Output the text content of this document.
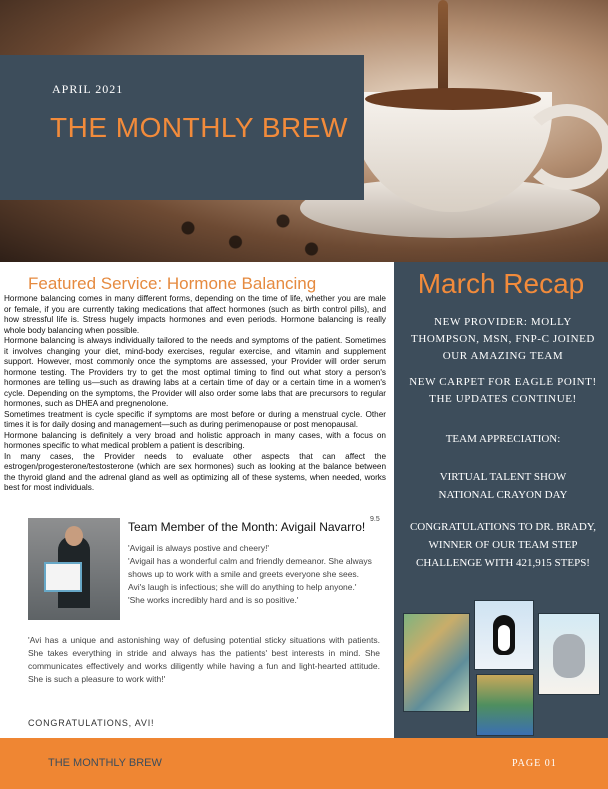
APRIL 2021
THE MONTHLY BREW
Featured Service: Hormone Balancing

Hormone balancing comes in many different forms, depending on the time of life, whether you are male or female, if you are currently taking medications that affect hormones (such as birth control pills), and how stressful life is. Stress hugely impacts hormones and even periods. Hormone balancing is really whole body balancing when possible.

Hormone balancing is always individually tailored to the needs and symptoms of the patient. Sometimes it involves changing your diet, mind-body exercises, regular exercise, and vitamin and supplement support. However, most commonly once the symptoms are assessed, your Provider will order serum hormone testing. The Providers try to get the most optimal timing to find out what story a person's hormones are telling us—such as drawing labs at a certain time of day or a certain time in a women's cycle. Depending on the symptoms, the Provider will also order some labs that are precursors to regular hormones, such as DHEA and pregnenolone.

Sometimes treatment is cycle specific if symptoms are most before or during a menstrual cycle. Other times it is for daily dosing and management—such as during perimenopause or post menopausal.

Hormone balancing is definitely a very broad and holistic approach in many cases, with a focus on hormones specific to what medical problem a patient is describing.

In many cases, the Provider needs to evaluate other aspects that can affect the estrogen/progesterone/testosterone (which are sex hormones) such as looking at the balance between the thyroid gland and the adrenal gland as well as optimizing all of these systems, when needed, works best for most individuals.

Team Member of the Month: Avigail Navarro!
9.5

'Avigail is always postive and cheery!'

'Avigail has a wonderful calm and friendly demeanor. She always shows up to work with a smile and greets everyone she sees. Avi's laugh is infectious; she will do anything to help anyone.'

'She works incredibly hard and is so positive.'

'Avi has a unique and astonishing way of defusing potential sticky situations with patients. She takes everything in stride and always has the patients' best interests in mind. She communicates effectively and works diligently while having a fun and light-hearted attitude. She is such a pleasure to work with!'

CONGRATULATIONS, AVI!
March Recap
NEW PROVIDER: MOLLY THOMPSON, MSN, FNP-C JOINED OUR AMAZING TEAM
NEW CARPET FOR EAGLE POINT! THE UPDATES CONTINUE!
TEAM APPRECIATION:
VIRTUAL TALENT SHOW
NATIONAL CRAYON DAY
CONGRATULATIONS TO DR. BRADY, WINNER OF OUR TEAM STEP CHALLENGE WITH 421,915 STEPS!
THE MONTHLY BREW	PAGE 01
